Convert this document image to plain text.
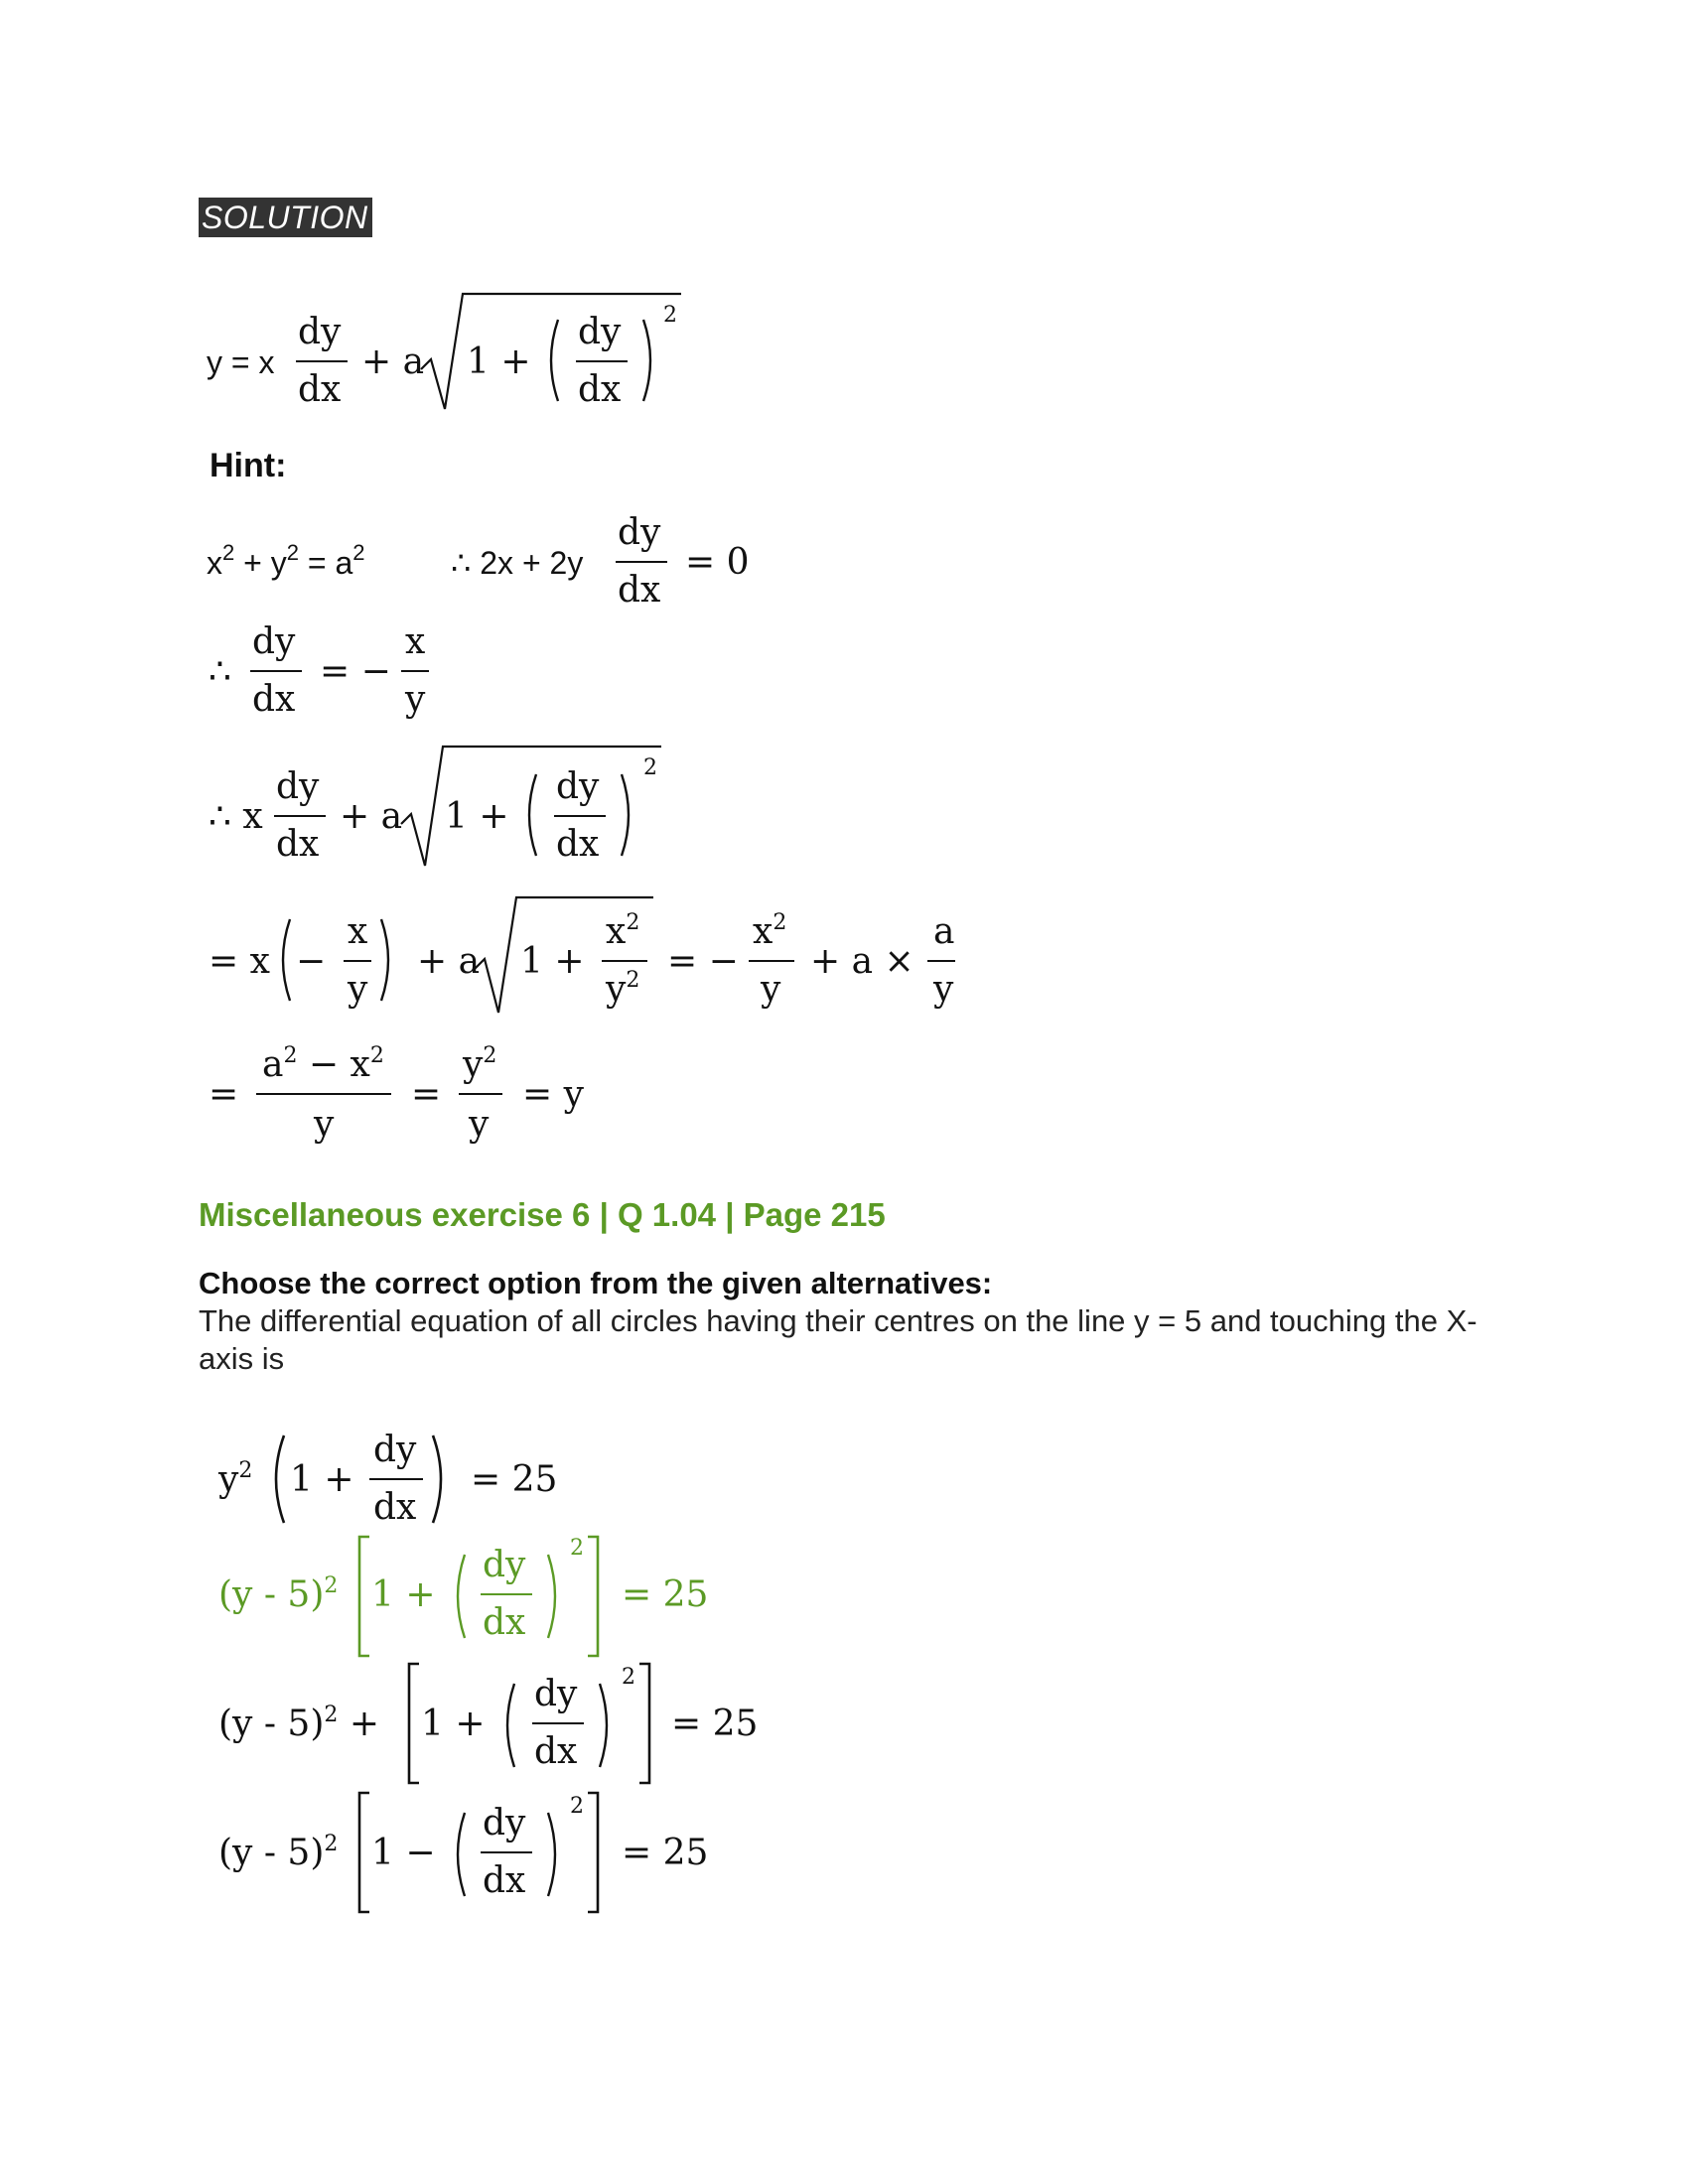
SOLUTION
y = x
dy
dx
+ a 1 +
dy
dx
2
$x^2 + y^2 = a^2$	∴ 2x + 2y
dy
dx
= 0
∴
dy
dx
= −
x
y
∴ x
dy
dx
+ a 1 +
dy
dx
2
= x −
x
y
+ a 1 +
$x^2$
$y^2$ = −
$x^2$
y
+ a ×
a
y
=
$a^2 - x^2$
y
=
$y^2$
y
= y
$y^2$ 1 +
dy
dx
= 25
(y - 5)$^2$ 1 +
dy
dx
2
= 25
(y - 5)$^2$ + 1 +
dy
dx
2
= 25
(y - 5)$^2$ 1 −
dy
dx
2
= 25
Hint:
Miscellaneous exercise 6 | Q 1.04 | Page 215
Choose the correct option from the given alternatives:
The differential equation of all circles having their centres on the line y = 5 and touching the X-axis is
